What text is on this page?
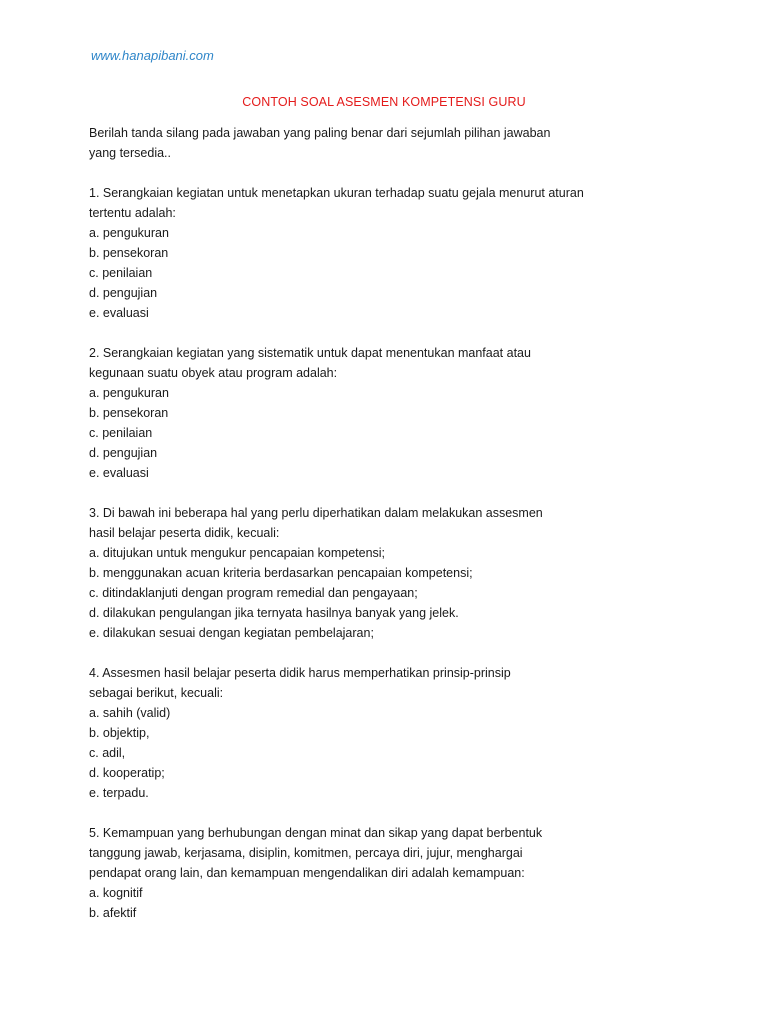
www.hanapibani.com
CONTOH SOAL ASESMEN KOMPETENSI GURU

Berilah tanda silang pada jawaban yang paling benar dari sejumlah pilihan jawaban

yang tersedia..

1. Serangkaian kegiatan untuk menetapkan ukuran terhadap suatu gejala menurut aturan

tertentu adalah:

a. pengukuran
b. pensekoran
c. penilaian
d. pengujian
e. evaluasi

2. Serangkaian kegiatan yang sistematik untuk dapat menentukan manfaat atau

kegunaan suatu obyek atau program adalah:

a. pengukuran
b. pensekoran
c. penilaian
d. pengujian
e. evaluasi

3. Di bawah ini beberapa hal yang perlu diperhatikan dalam melakukan assesmen

hasil belajar peserta didik, kecuali:

a. ditujukan untuk mengukur pencapaian kompetensi;
b. menggunakan acuan kriteria berdasarkan pencapaian kompetensi;
c. ditindaklanjuti dengan program remedial dan pengayaan;
d. dilakukan pengulangan jika ternyata hasilnya banyak yang jelek.
e. dilakukan sesuai dengan kegiatan pembelajaran;

4. Assesmen hasil belajar peserta didik harus memperhatikan prinsip-prinsip

sebagai berikut, kecuali:

a. sahih (valid)
b. objektip,
c. adil,
d. kooperatip;
e. terpadu.

5. Kemampuan yang berhubungan dengan minat dan sikap yang dapat berbentuk

tanggung jawab, kerjasama, disiplin, komitmen, percaya diri, jujur, menghargai

pendapat orang lain, dan kemampuan mengendalikan diri adalah kemampuan:

a. kognitif
b. afektif
